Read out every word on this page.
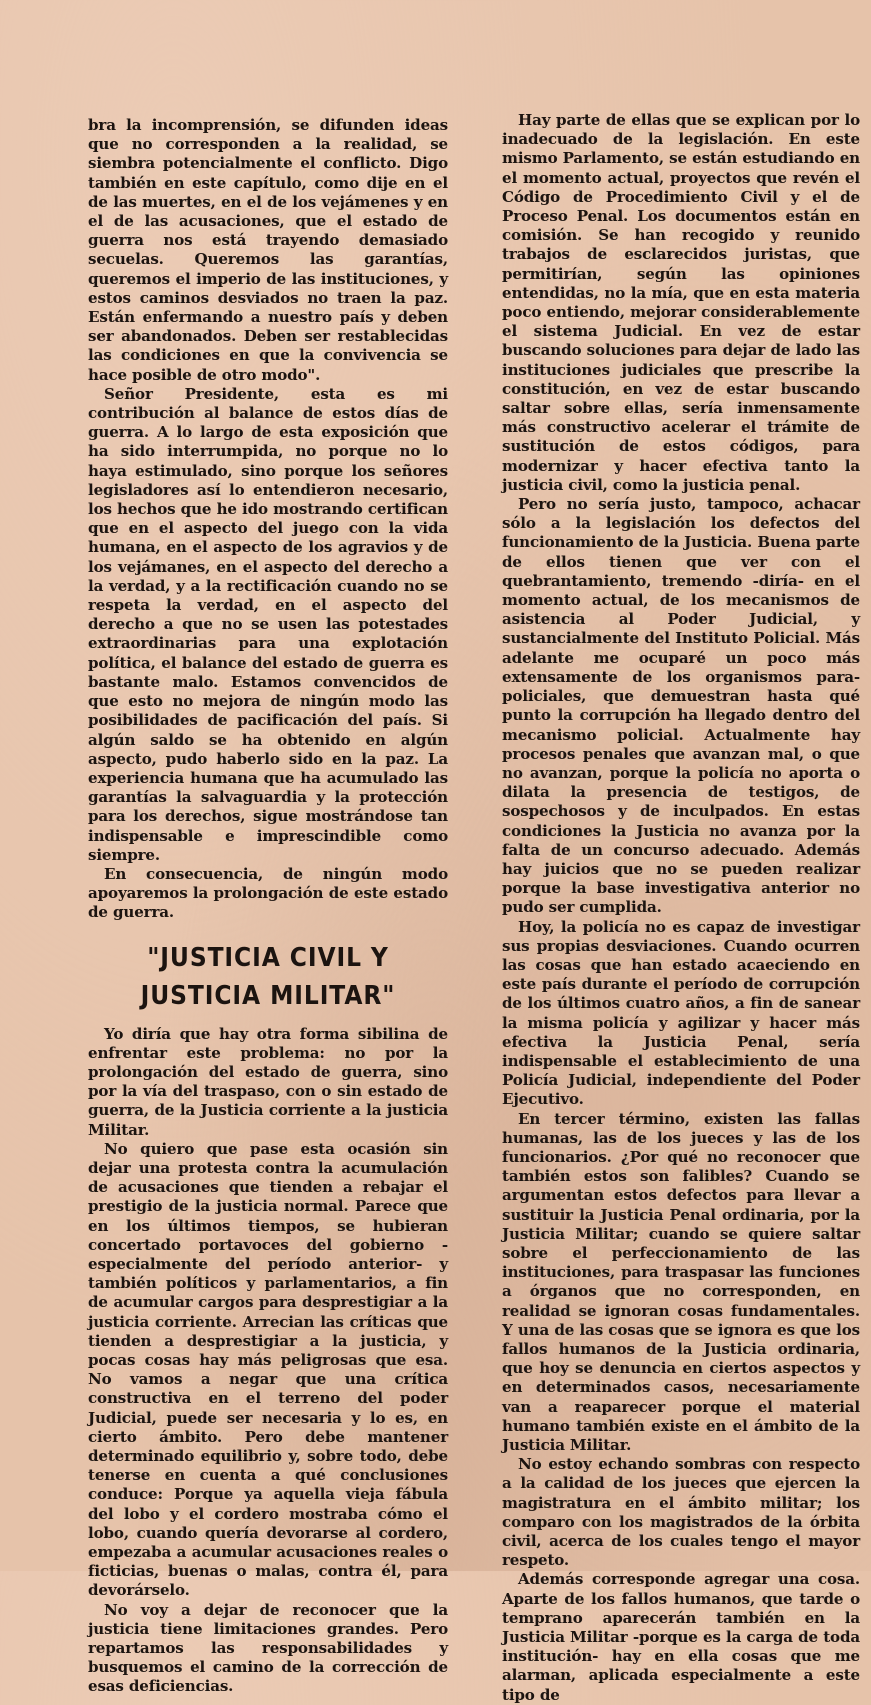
bra la incomprensión, se difunden ideas que no corresponden a la realidad, se siembra potencialmente el conflicto. Digo también en este capítulo, como dije en el de las muertes, en el de los vejámenes y en el de las acusaciones, que el estado de guerra nos está trayendo demasiado secuelas. Queremos las garantías, queremos el imperio de las instituciones, y estos caminos desviados no traen la paz. Están enfermando a nuestro país y deben ser abandonados. Deben ser restablecidas las condiciones en que la convivencia se hace posible de otro modo".

Señor Presidente, esta es mi contribución al balance de estos días de guerra. A lo largo de esta exposición que ha sido interrumpida, no porque no lo haya estimulado, sino porque los señores legisladores así lo entendieron necesario, los hechos que he ido mostrando certifican que en el aspecto del juego con la vida humana, en el aspecto de los agravios y de los vejámanes, en el aspecto del derecho a la verdad, y a la rectificación cuando no se respeta la verdad, en el aspecto del derecho a que no se usen las potestades extraordinarias para una explotación política, el balance del estado de guerra es bastante malo. Estamos convencidos de que esto no mejora de ningún modo las posibilidades de pacificación del país. Si algún saldo se ha obtenido en algún aspecto, pudo haberlo sido en la paz. La experiencia humana que ha acumulado las garantías la salvaguardia y la protección para los derechos, sigue mostrándose tan indispensable e imprescindible como siempre.

En consecuencia, de ningún modo apoyaremos la prolongación de este estado de guerra.

"JUSTICIA CIVIL Y JUSTICIA MILITAR"

Yo diría que hay otra forma sibilina de enfrentar este problema: no por la prolongación del estado de guerra, sino por la vía del traspaso, con o sin estado de guerra, de la Justicia corriente a la justicia Militar.

No quiero que pase esta ocasión sin dejar una protesta contra la acumulación de acusaciones que tienden a rebajar el prestigio de la justicia normal. Parece que en los últimos tiempos, se hubieran concertado portavoces del gobierno -especialmente del período anterior- y también políticos y parlamentarios, a fin de acumular cargos para desprestigiar a la justicia corriente. Arrecian las críticas que tienden a desprestigiar a la justicia, y pocas cosas hay más peligrosas que esa. No vamos a negar que una crítica constructiva en el terreno del poder Judicial, puede ser necesaria y lo es, en cierto ámbito. Pero debe mantener determinado equilibrio y, sobre todo, debe tenerse en cuenta a qué conclusiones conduce: Porque ya aquella vieja fábula del lobo y el cordero mostraba cómo el lobo, cuando quería devorarse al cordero, empezaba a acumular acusaciones reales o ficticias, buenas o malas, contra él, para devorárselo.

No voy a dejar de reconocer que la justicia tiene limitaciones grandes. Pero repartamos las responsabilidades y busquemos el camino de la corrección de esas deficiencias.

Hay parte de ellas que se explican por lo inadecuado de la legislación. En este mismo Parlamento, se están estudiando en el momento actual, proyectos que revén el Código de Procedimiento Civil y el de Proceso Penal. Los documentos están en comisión. Se han recogido y reunido trabajos de esclarecidos juristas, que permitirían, según las opiniones entendidas, no la mía, que en esta materia poco entiendo, mejorar considerablemente el sistema Judicial. En vez de estar buscando soluciones para dejar de lado las instituciones judiciales que prescribe la constitución, en vez de estar buscando saltar sobre ellas, sería inmensamente más constructivo acelerar el trámite de sustitución de estos códigos, para modernizar y hacer efectiva tanto la justicia civil, como la justicia penal.

Pero no sería justo, tampoco, achacar sólo a la legislación los defectos del funcionamiento de la Justicia. Buena parte de ellos tienen que ver con el quebrantamiento, tremendo -diría- en el momento actual, de los mecanismos de asistencia al Poder Judicial, y sustancialmente del Instituto Policial. Más adelante me ocuparé un poco más extensamente de los organismos para-policiales, que demuestran hasta qué punto la corrupción ha llegado dentro del mecanismo policial. Actualmente hay procesos penales que avanzan mal, o que no avanzan, porque la policía no aporta o dilata la presencia de testigos, de sospechosos y de inculpados. En estas condiciones la Justicia no avanza por la falta de un concurso adecuado. Además hay juicios que no se pueden realizar porque la base investigativa anterior no pudo ser cumplida.

Hoy, la policía no es capaz de investigar sus propias desviaciones. Cuando ocurren las cosas que han estado acaeciendo en este país durante el período de corrupción de los últimos cuatro años, a fin de sanear la misma policía y agilizar y hacer más efectiva la Justicia Penal, sería indispensable el establecimiento de una Policía Judicial, independiente del Poder Ejecutivo.

En tercer término, existen las fallas humanas, las de los jueces y las de los funcionarios. ¿Por qué no reconocer que también estos son falibles? Cuando se argumentan estos defectos para llevar a sustituir la Justicia Penal ordinaria, por la Justicia Militar; cuando se quiere saltar sobre el perfeccionamiento de las instituciones, para traspasar las funciones a órganos que no corresponden, en realidad se ignoran cosas fundamentales. Y una de las cosas que se ignora es que los fallos humanos de la Justicia ordinaria, que hoy se denuncia en ciertos aspectos y en determinados casos, necesariamente van a reaparecer porque el material humano también existe en el ámbito de la Justicia Militar.

No estoy echando sombras con respecto a la calidad de los jueces que ejercen la magistratura en el ámbito militar; los comparo con los magistrados de la órbita civil, acerca de los cuales tengo el mayor respeto.

Además corresponde agregar una cosa. Aparte de los fallos humanos, que tarde o temprano aparecerán también en la Justicia Militar -porque es la carga de toda institución- hay en ella cosas que me alarman, aplicada especialmente a este tipo de
